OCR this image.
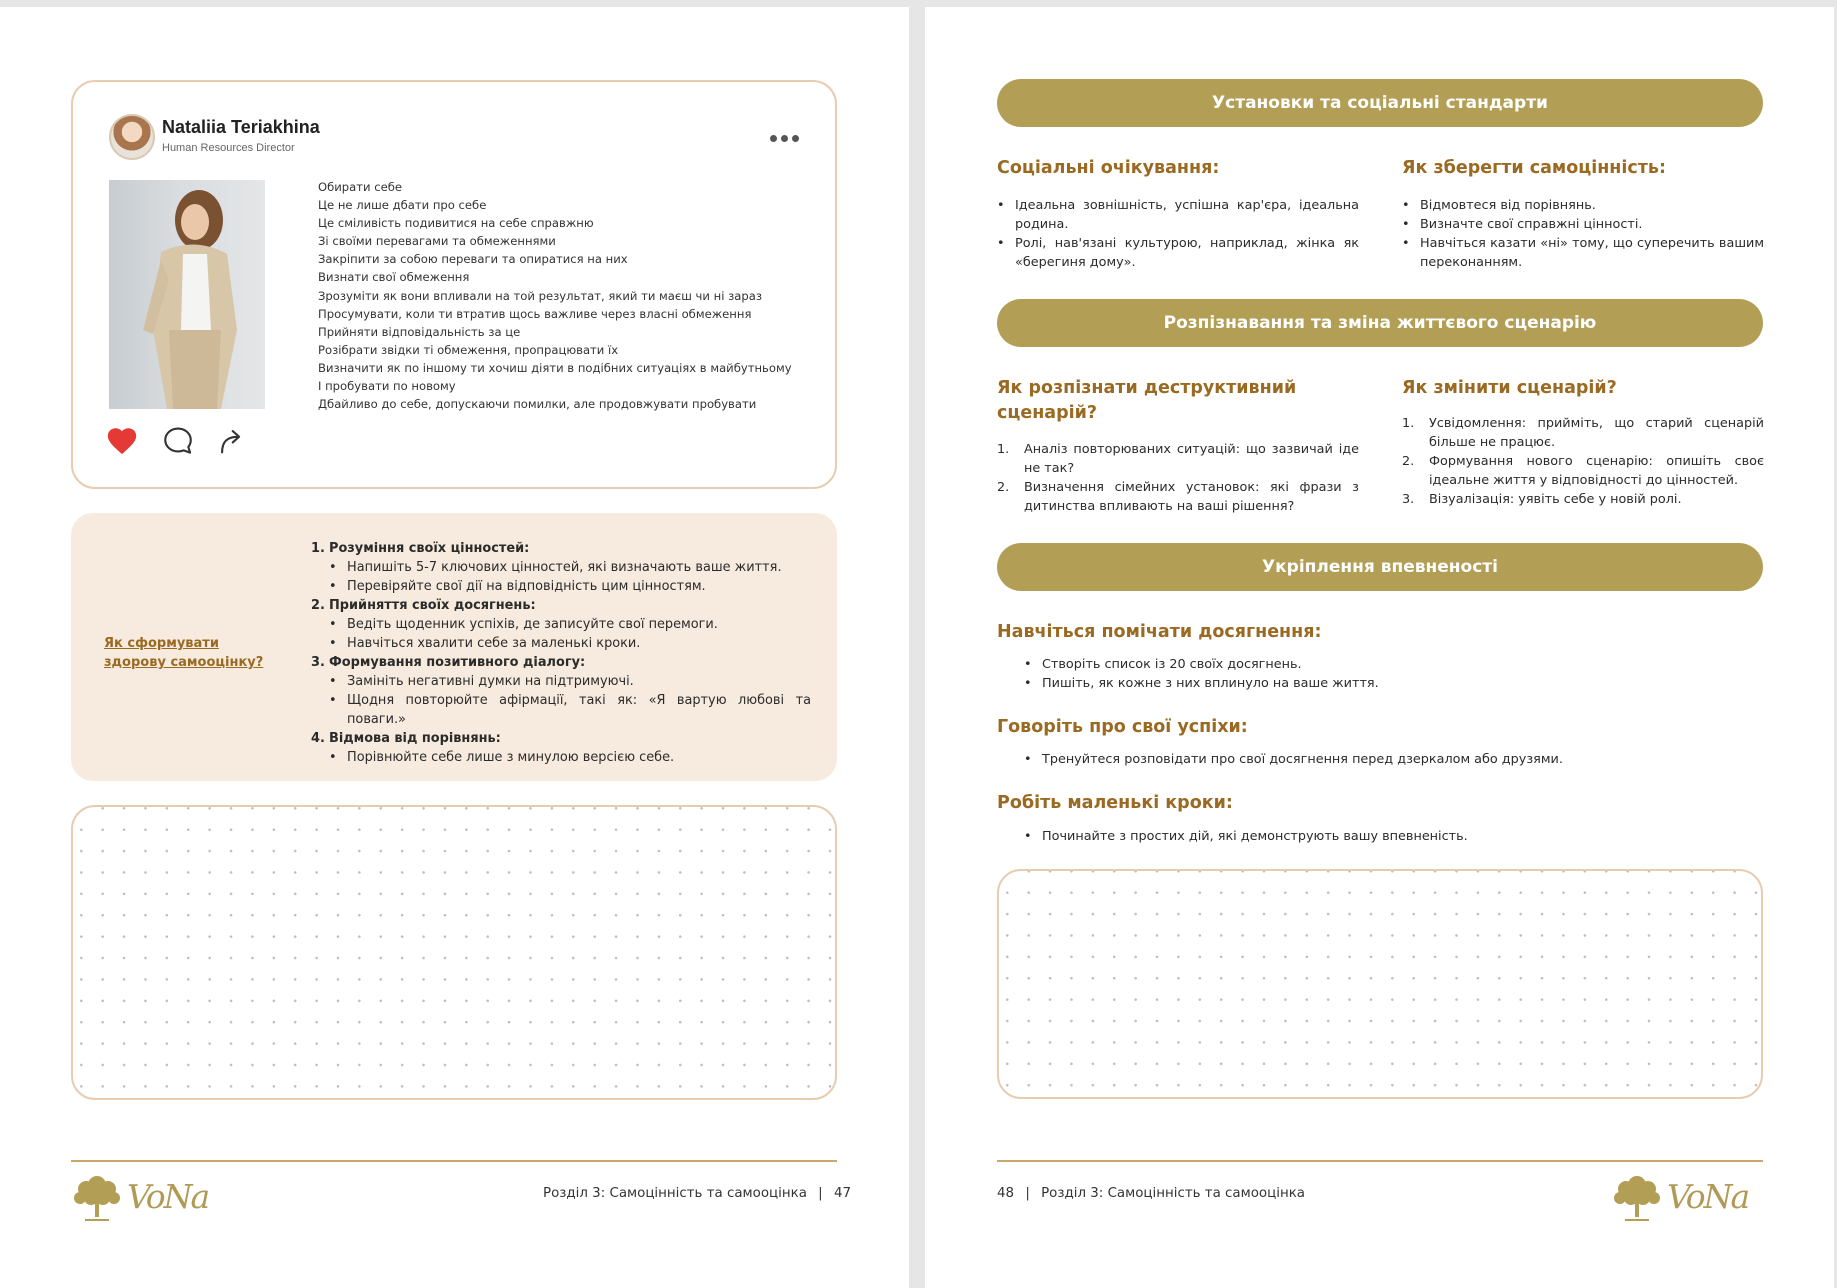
Nataliia Teriakhina
Human Resources Director
Обирати себе
Це не лише дбати про себе
Це сміливість подивитися на себе справжню
Зі своїми перевагами та обмеженнями
Закріпити за собою переваги та опиратися на них
Визнати свої обмеження
Зрозуміти як вони впливали на той результат, який ти маєш чи ні зараз
Просумувати, коли ти втратив щось важливе через власні обмеження
Прийняти відповідальність за це
Розібрати звідки ті обмеження, пропрацювати їх
Визначити як по іншому ти хочиш діяти в подібних ситуаціях в майбутньому
І пробувати по новому
Дбайливо до себе, допускаючи помилки, але продовжувати пробувати
Як сформувати здорову самооцінку?
1. Розуміння своїх цінностей:
• Напишіть 5-7 ключових цінностей, які визначають ваше життя.
• Перевіряйте свої дії на відповідність цим цінностям.
2. Прийняття своїх досягнень:
• Ведіть щоденник успіхів, де записуйте свої перемоги.
• Навчіться хвалити себе за маленькі кроки.
3. Формування позитивного діалогу:
• Замініть негативні думки на підтримуючі.
• Щодня повторюйте афірмації, такі як: «Я вартую любові та поваги.»
4. Відмова від порівнянь:
• Порівнюйте себе лише з минулою версією себе.
VoNa	Розділ 3: Самоцінність та самооцінка | 47
Установки та соціальні стандарти
Соціальні очікування:
• Ідеальна зовнішність, успішна кар'єра, ідеальна родина.
• Ролі, нав'язані культурою, наприклад, жінка як «берегиня дому».
Як зберегти самоцінність:
• Відмовтеся від порівнянь.
• Визначте свої справжні цінності.
• Навчіться казати «ні» тому, що суперечить вашим переконанням.
Розпізнавання та зміна життєвого сценарію
Як розпізнати деструктивний сценарій?
1.	Аналіз повторюваних ситуацій: що зазвичай іде не так?
2.	Визначення сімейних установок: які фрази з дитинства впливають на ваші рішення?
Як змінити сценарій?
1.	Усвідомлення: прийміть, що старий сценарій більше не працює.
2.	Формування нового сценарію: опишіть своє ідеальне життя у відповідності до цінностей.
3.	Візуалізація: уявіть себе у новій ролі.
Укріплення впевненості
Навчіться помічати досягнення:
• Створіть список із 20 своїх досягнень.
• Пишіть, як кожне з них вплинуло на ваше життя.
Говоріть про свої успіхи:
• Тренуйтеся розповідати про свої досягнення перед дзеркалом або друзями.
Робіть маленькі кроки:
• Починайте з простих дій, які демонструють вашу впевненість.
48 | Розділ 3: Самоцінність та самооцінка	VoNa
